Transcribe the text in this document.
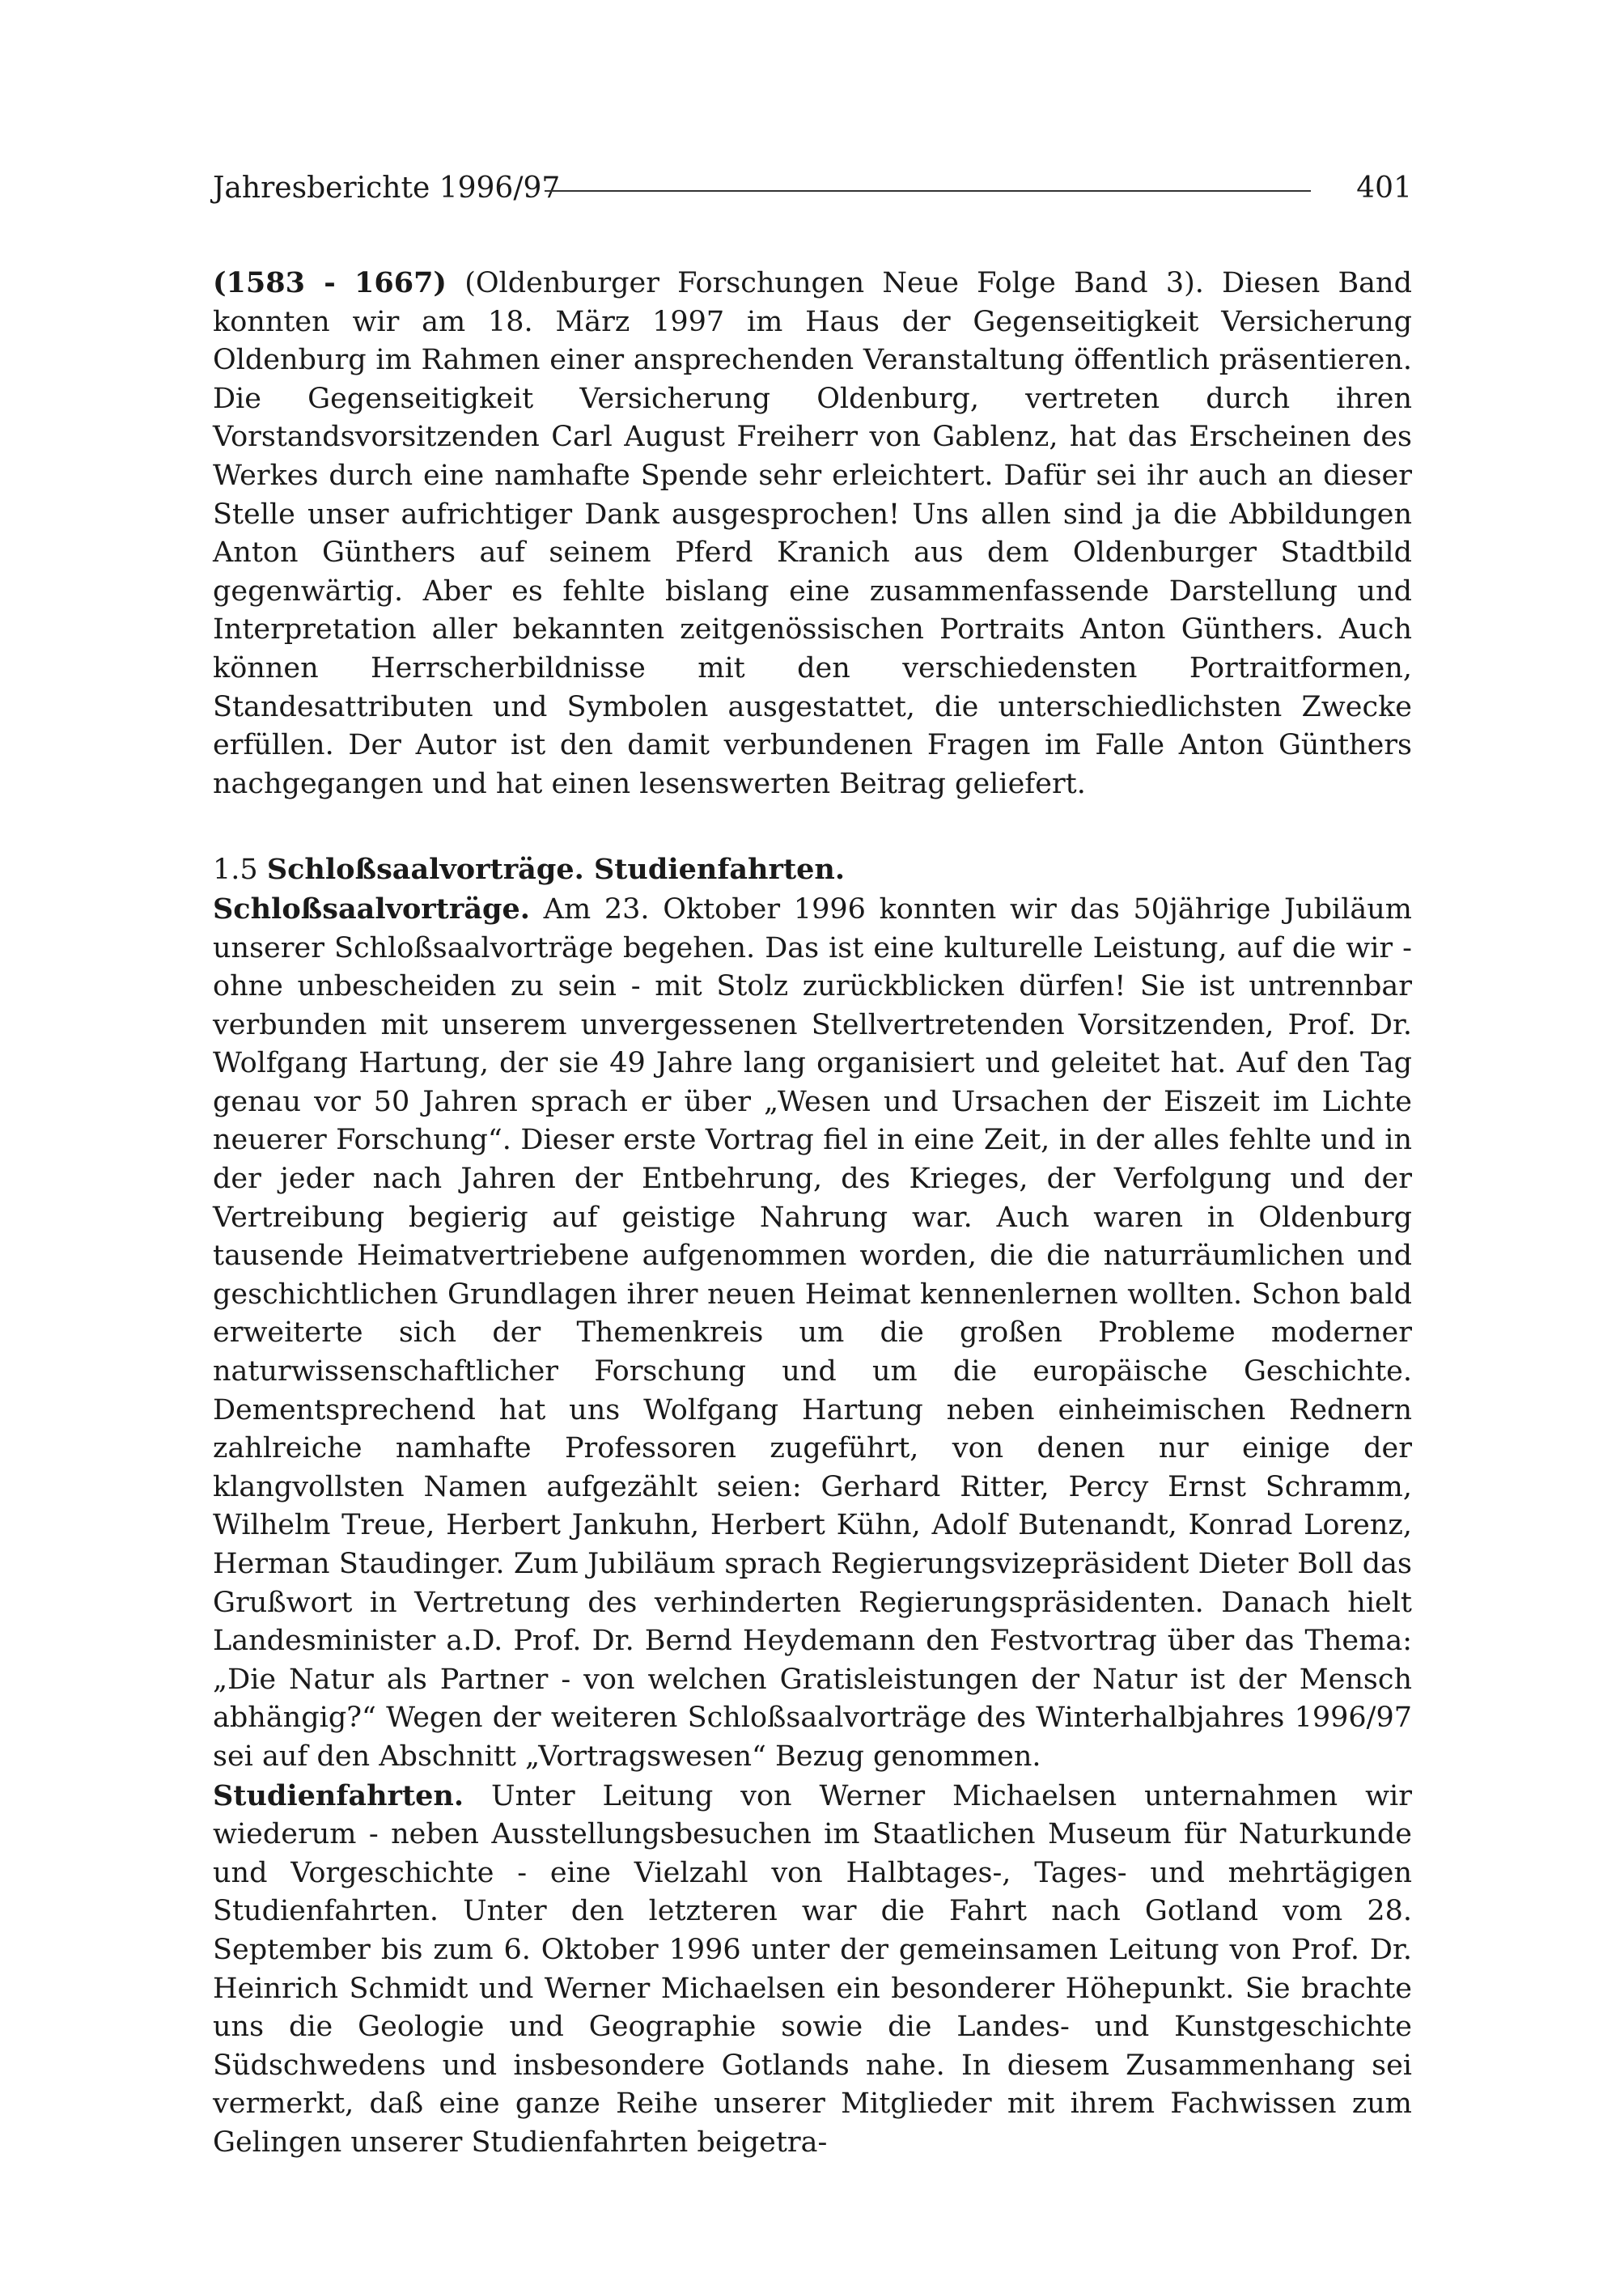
Jahresberichte 1996/97	401

(1583 - 1667) (Oldenburger Forschungen Neue Folge Band 3). Diesen Band konnten wir am 18. März 1997 im Haus der Gegenseitigkeit Versicherung Oldenburg im Rahmen einer ansprechenden Veranstaltung öffentlich präsentieren. Die Gegenseitigkeit Versicherung Oldenburg, vertreten durch ihren Vorstandsvorsitzenden Carl August Freiherr von Gablenz, hat das Erscheinen des Werkes durch eine namhafte Spende sehr erleichtert. Dafür sei ihr auch an dieser Stelle unser aufrichtiger Dank ausgesprochen! Uns allen sind ja die Abbildungen Anton Günthers auf seinem Pferd Kranich aus dem Oldenburger Stadtbild gegenwärtig. Aber es fehlte bislang eine zusammenfassende Darstellung und Interpretation aller bekannten zeitgenössischen Portraits Anton Günthers. Auch können Herrscherbildnisse mit den verschiedensten Portraitformen, Standesattributen und Symbolen ausgestattet, die unterschiedlichsten Zwecke erfüllen. Der Autor ist den damit verbundenen Fragen im Falle Anton Günthers nachgegangen und hat einen lesenswerten Beitrag geliefert.

1.5 Schloßsaalvorträge. Studienfahrten.

Schloßsaalvorträge. Am 23. Oktober 1996 konnten wir das 50jährige Jubiläum unserer Schloßsaalvorträge begehen. Das ist eine kulturelle Leistung, auf die wir - ohne unbescheiden zu sein - mit Stolz zurückblicken dürfen! Sie ist untrennbar verbunden mit unserem unvergessenen Stellvertretenden Vorsitzenden, Prof. Dr. Wolfgang Hartung, der sie 49 Jahre lang organisiert und geleitet hat. Auf den Tag genau vor 50 Jahren sprach er über „Wesen und Ursachen der Eiszeit im Lichte neuerer Forschung“. Dieser erste Vortrag fiel in eine Zeit, in der alles fehlte und in der jeder nach Jahren der Entbehrung, des Krieges, der Verfolgung und der Vertreibung begierig auf geistige Nahrung war. Auch waren in Oldenburg tausende Heimatvertriebene aufgenommen worden, die die naturräumlichen und geschichtlichen Grundlagen ihrer neuen Heimat kennenlernen wollten. Schon bald erweiterte sich der Themenkreis um die großen Probleme moderner naturwissenschaftlicher Forschung und um die europäische Geschichte. Dementsprechend hat uns Wolfgang Hartung neben einheimischen Rednern zahlreiche namhafte Professoren zugeführt, von denen nur einige der klangvollsten Namen aufgezählt seien: Gerhard Ritter, Percy Ernst Schramm, Wilhelm Treue, Herbert Jankuhn, Herbert Kühn, Adolf Butenandt, Konrad Lorenz, Herman Staudinger. Zum Jubiläum sprach Regierungsvizepräsident Dieter Boll das Grußwort in Vertretung des verhinderten Regierungspräsidenten. Danach hielt Landesminister a.D. Prof. Dr. Bernd Heydemann den Festvortrag über das Thema: „Die Natur als Partner - von welchen Gratisleistungen der Natur ist der Mensch abhängig?“ Wegen der weiteren Schloßsaalvorträge des Winterhalbjahres 1996/97 sei auf den Abschnitt „Vortragswesen“ Bezug genommen.

Studienfahrten. Unter Leitung von Werner Michaelsen unternahmen wir wiederum - neben Ausstellungsbesuchen im Staatlichen Museum für Naturkunde und Vorgeschichte - eine Vielzahl von Halbtages-, Tages- und mehrtägigen Studienfahrten. Unter den letzteren war die Fahrt nach Gotland vom 28. September bis zum 6. Oktober 1996 unter der gemeinsamen Leitung von Prof. Dr. Heinrich Schmidt und Werner Michaelsen ein besonderer Höhepunkt. Sie brachte uns die Geologie und Geographie sowie die Landes- und Kunstgeschichte Südschwedens und insbesondere Gotlands nahe. In diesem Zusammenhang sei vermerkt, daß eine ganze Reihe unserer Mitglieder mit ihrem Fachwissen zum Gelingen unserer Studienfahrten beigetra-
